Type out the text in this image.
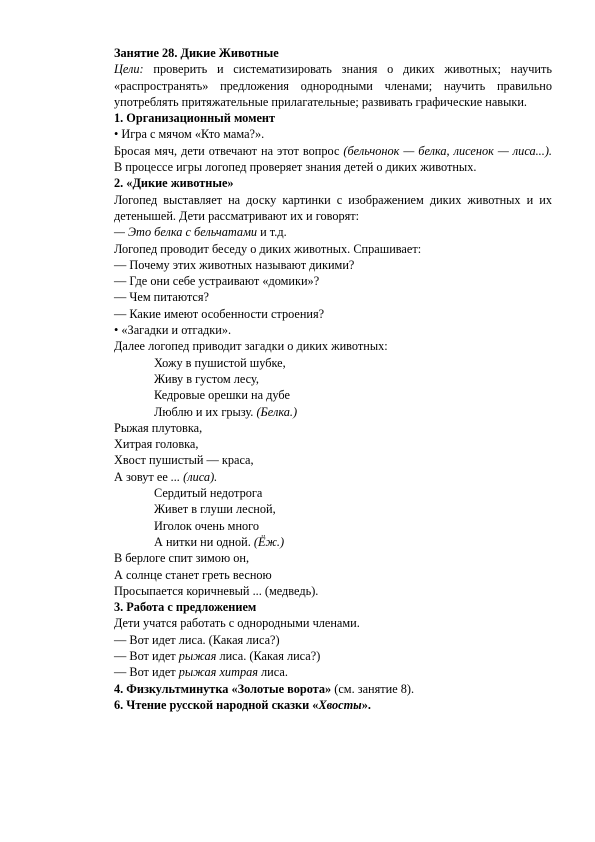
Занятие 28. Дикие Животные

Цели: проверить и систематизировать знания о диких животных; научить «распространять» предложения однородными членами; научить правильно употреблять притяжательные прилагательные; развивать графические навыки.

1. Организационный момент

• Игра с мячом «Кто мама?».

Бросая мяч, дети отвечают на этот вопрос (бельчонок — белка, лисенок — лиса...). В процессе игры логопед проверяет знания детей о диких животных.

2. «Дикие животные»

Логопед выставляет на доску картинки с изображением диких животных и их детенышей. Дети рассматривают их и говорят:

— Это белка с бельчатами и т.д.

Логопед проводит беседу о диких животных. Спрашивает:

— Почему этих животных называют дикими?

— Где они себе устраивают «домики»?

— Чем питаются?

— Какие имеют особенности строения?

• «Загадки и отгадки».

Далее логопед приводит загадки о диких животных:

Хожу в пушистой шубке,

Живу в густом лесу,

Кедровые орешки на дубе

Люблю и их грызу. (Белка.)

Рыжая плутовка,

Хитрая головка,

Хвост пушистый — краса,

А зовут ее ... (лиса).

Сердитый недотрога

Живет в глуши лесной,

Иголок очень много

А нитки ни одной. (Ёж.)

В берлоге спит зимою он,

А солнце станет греть весною

Просыпается коричневый ... (медведь).

3. Работа с предложением

Дети учатся работать с однородными членами.

— Вот идет лиса. (Какая лиса?)

— Вот идет рыжая лиса. (Какая лиса?)

— Вот идет рыжая хитрая лиса.

4. Физкультминутка «Золотые ворота» (см. занятие 8).

6. Чтение русской народной сказки «Хвосты».
